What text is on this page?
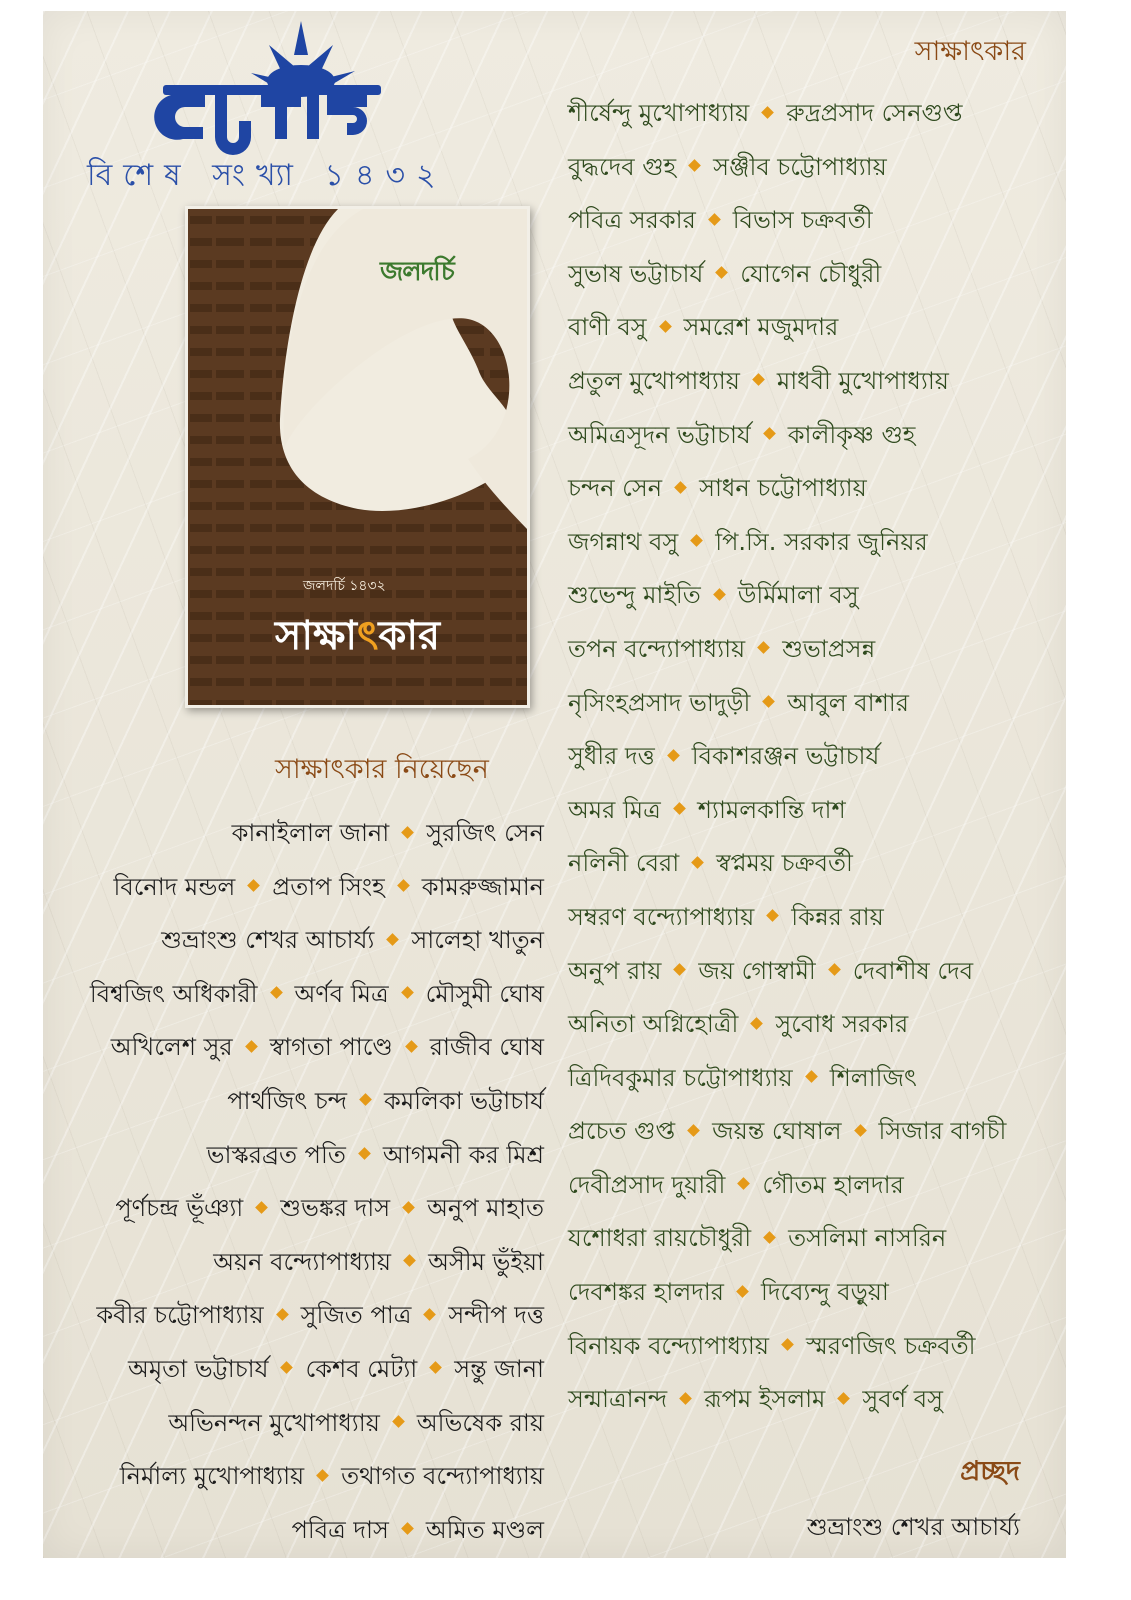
বিশেষ সংখ্যা ১৪৩২
জলদর্চি
জলদর্চি ১৪৩২
সাক্ষাৎকার
সাক্ষাৎকার
শীর্ষেন্দু মুখোপাধ্যায় রুদ্রপ্রসাদ সেনগুপ্ত
বুদ্ধদেব গুহ সঞ্জীব চট্টোপাধ্যায়
পবিত্র সরকার বিভাস চক্রবর্তী
সুভাষ ভট্টাচার্য যোগেন চৌধুরী
বাণী বসু সমরেশ মজুমদার
প্রতুল মুখোপাধ্যায় মাধবী মুখোপাধ্যায়
অমিত্রসূদন ভট্টাচার্য কালীকৃষ্ণ গুহ
চন্দন সেন সাধন চট্টোপাধ্যায়
জগন্নাথ বসু পি.সি. সরকার জুনিয়র
শুভেন্দু মাইতি উর্মিমালা বসু
তপন বন্দ্যোপাধ্যায় শুভাপ্রসন্ন
নৃসিংহপ্রসাদ ভাদুড়ী আবুল বাশার
সুধীর দত্ত বিকাশরঞ্জন ভট্টাচার্য
অমর মিত্র শ্যামলকান্তি দাশ
নলিনী বেরা স্বপ্নময় চক্রবর্তী
সম্বরণ বন্দ্যোপাধ্যায় কিন্নর রায়
অনুপ রায় জয় গোস্বামী দেবাশীষ দেব
অনিতা অগ্নিহোত্রী সুবোধ সরকার
ত্রিদিবকুমার চট্টোপাধ্যায় শিলাজিৎ
প্রচেত গুপ্ত জয়ন্ত ঘোষাল সিজার বাগচী
দেবীপ্রসাদ দুয়ারী গৌতম হালদার
যশোধরা রায়চৌধুরী তসলিমা নাসরিন
দেবশঙ্কর হালদার দিব্যেন্দু বড়ুয়া
বিনায়ক বন্দ্যোপাধ্যায় স্মরণজিৎ চক্রবর্তী
সন্মাত্রানন্দ রূপম ইসলাম সুবর্ণ বসু
সাক্ষাৎকার নিয়েছেন
কানাইলাল জানা সুরজিৎ সেন
বিনোদ মন্ডল প্রতাপ সিংহ কামরুজ্জামান
শুভ্রাংশু শেখর আচার্য্য সালেহা খাতুন
বিশ্বজিৎ অধিকারী অর্ণব মিত্র মৌসুমী ঘোষ
অখিলেশ সুর স্বাগতা পাণ্ডে রাজীব ঘোষ
পার্থজিৎ চন্দ কমলিকা ভট্টাচার্য
ভাস্করব্রত পতি আগমনী কর মিশ্র
পূর্ণচন্দ্র ভূঁঞ্যা শুভঙ্কর দাস অনুপ মাহাত
অয়ন বন্দ্যোপাধ্যায় অসীম ভুঁইয়া
কবীর চট্টোপাধ্যায় সুজিত পাত্র সন্দীপ দত্ত
অমৃতা ভট্টাচার্য কেশব মেট্যা সন্তু জানা
অভিনন্দন মুখোপাধ্যায় অভিষেক রায়
নির্মাল্য মুখোপাধ্যায় তথাগত বন্দ্যোপাধ্যায়
পবিত্র দাস অমিত মণ্ডল
প্রচ্ছদ
শুভ্রাংশু শেখর আচার্য্য
